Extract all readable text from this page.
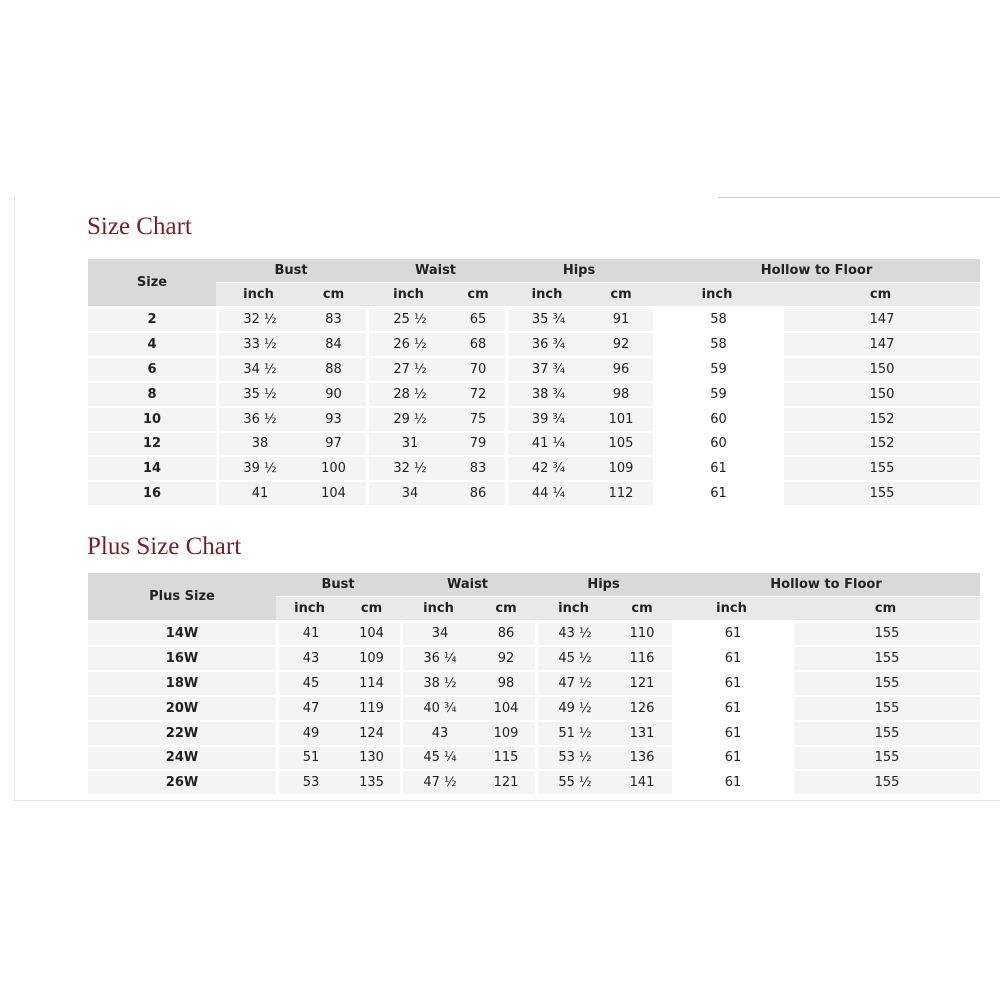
Size Chart
Size	Bust		Waist		Hips		Hollow to Floor	
	inch	cm	inch	cm	inch	cm	inch	cm
2	32 ½	83	25 ½	65	35 ¾	91	58	147
4	33 ½	84	26 ½	68	36 ¾	92	58	147
6	34 ½	88	27 ½	70	37 ¾	96	59	150
8	35 ½	90	28 ½	72	38 ¾	98	59	150
10	36 ½	93	29 ½	75	39 ¾	101	60	152
12	38	97	31	79	41 ¼	105	60	152
14	39 ½	100	32 ½	83	42 ¾	109	61	155
16	41	104	34	86	44 ¼	112	61	155
Plus Size Chart
Plus Size	Bust		Waist		Hips		Hollow to Floor	
	inch	cm	inch	cm	inch	cm	inch	cm
14W	41	104	34	86	43 ½	110	61	155
16W	43	109	36 ¼	92	45 ½	116	61	155
18W	45	114	38 ½	98	47 ½	121	61	155
20W	47	119	40 ¾	104	49 ½	126	61	155
22W	49	124	43	109	51 ½	131	61	155
24W	51	130	45 ¼	115	53 ½	136	61	155
26W	53	135	47 ½	121	55 ½	141	61	155
